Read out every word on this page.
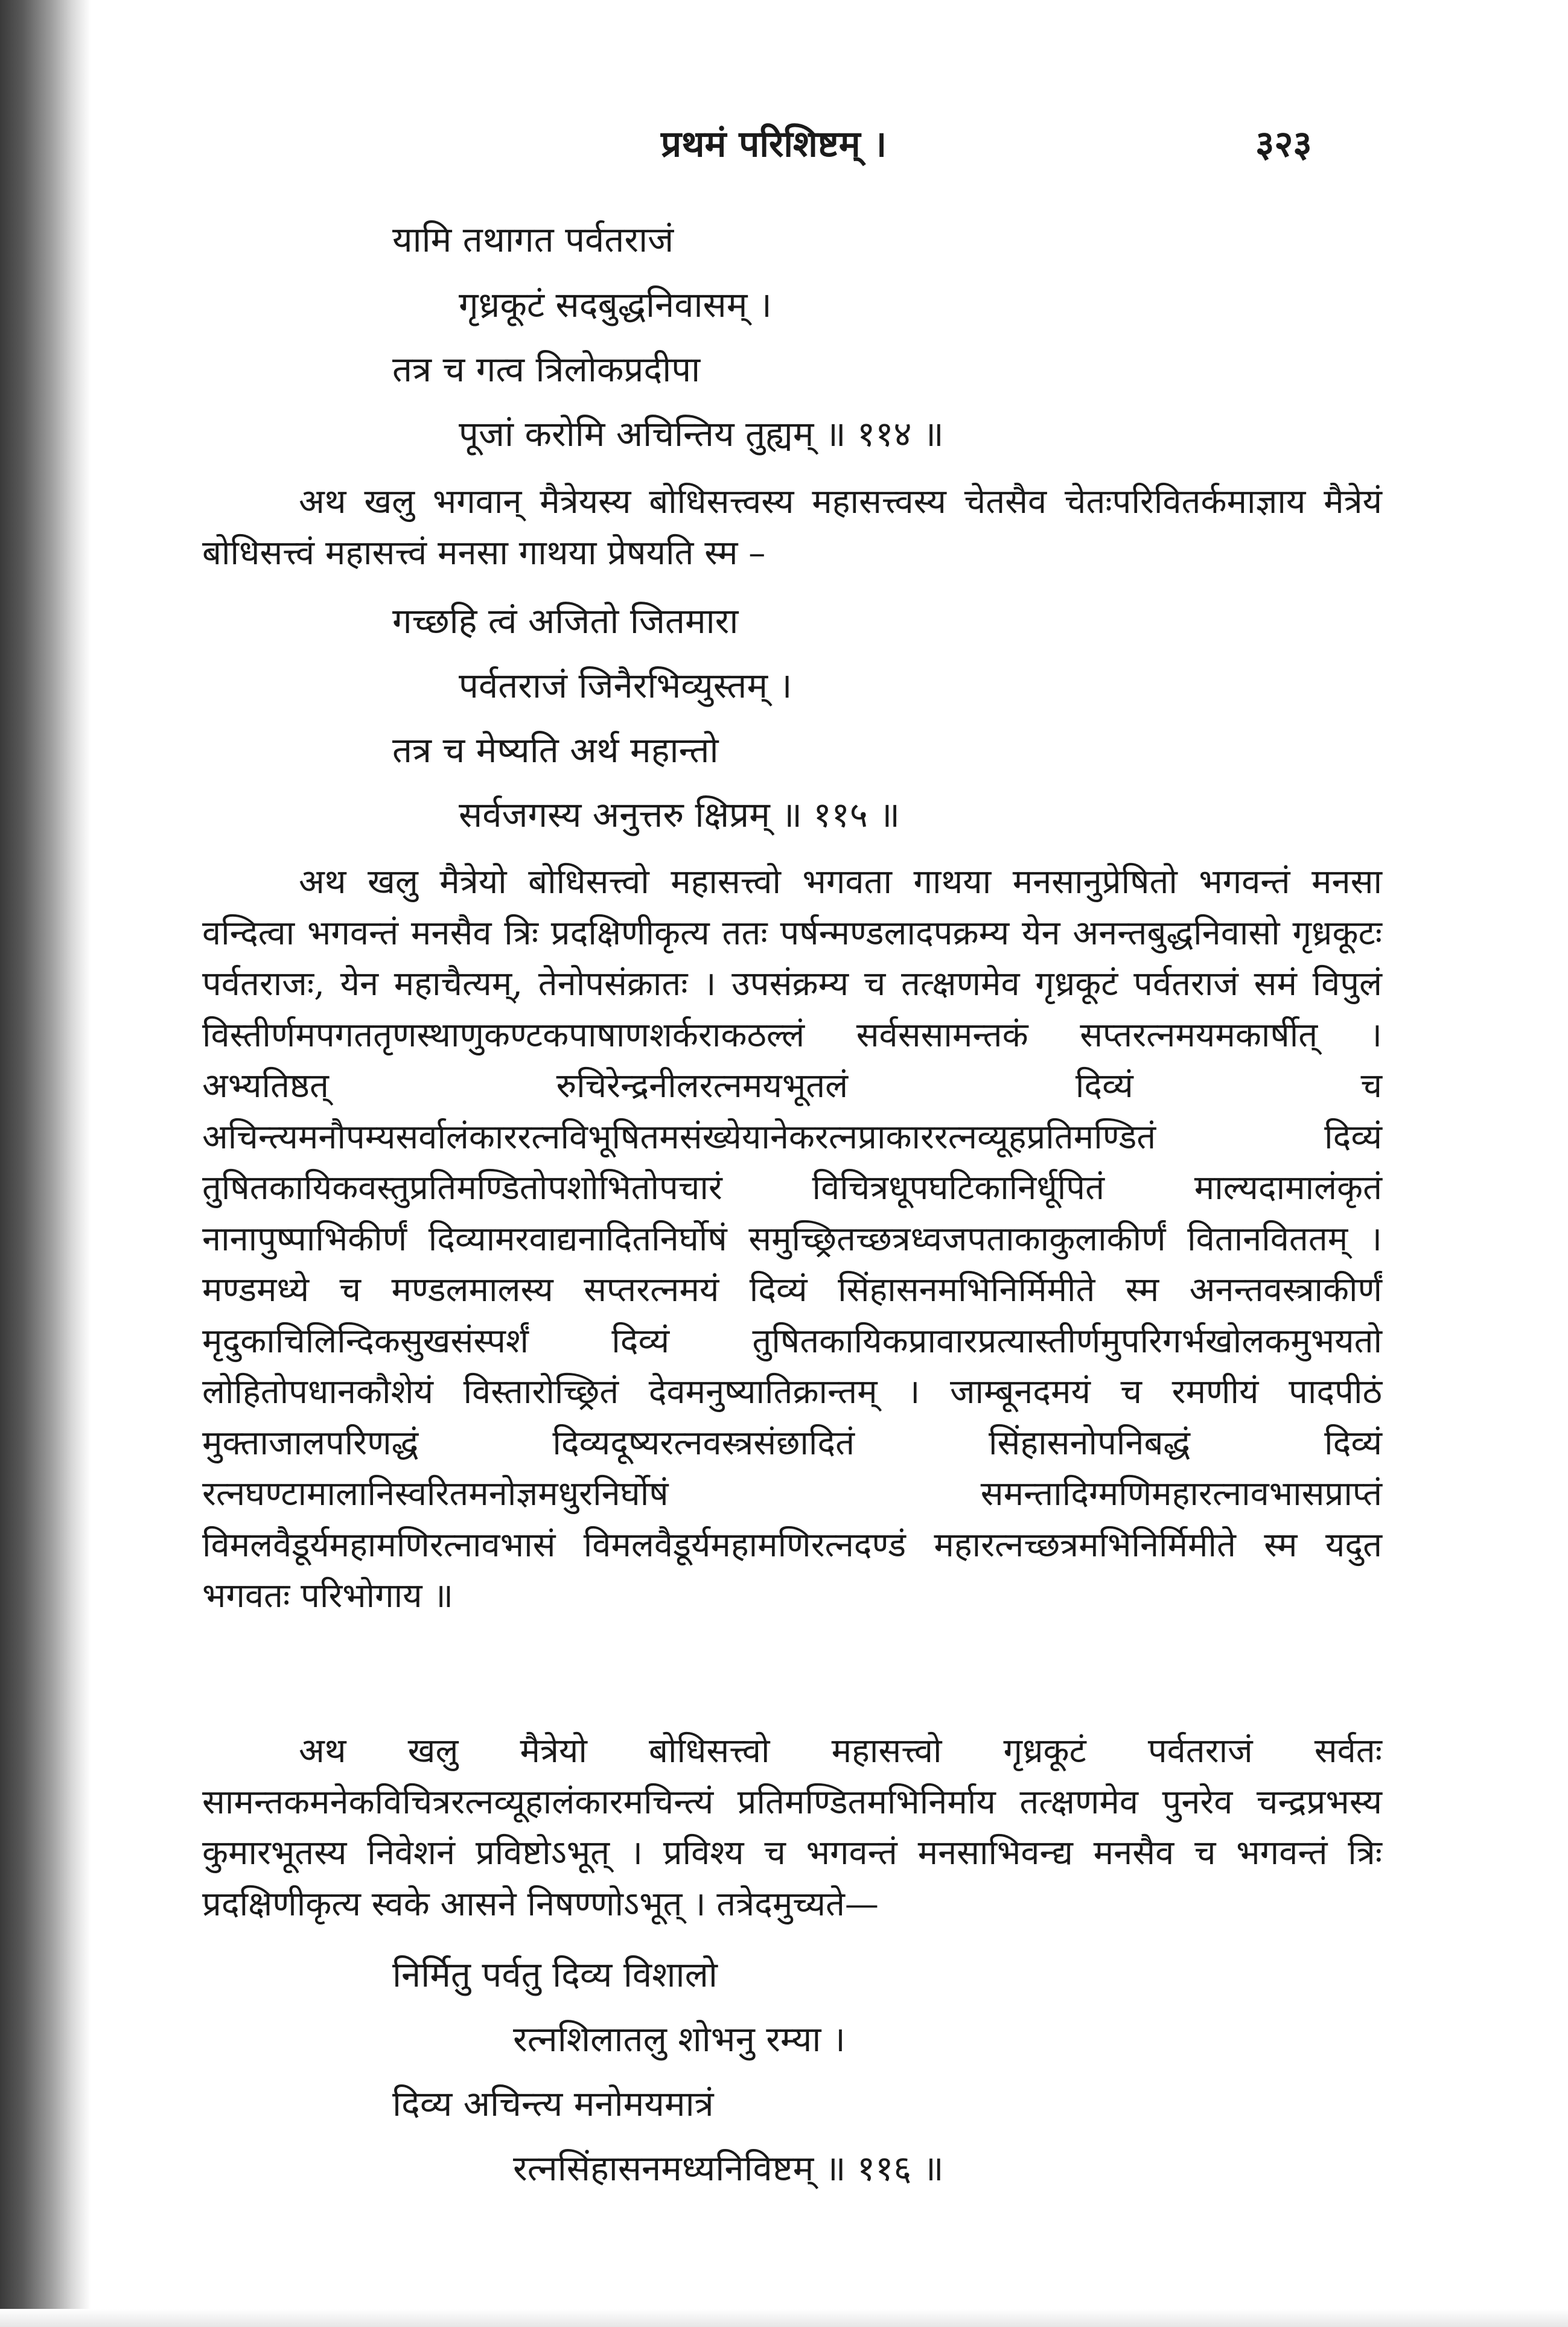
प्रथमं परिशिष्टम् ।	३२३
यामि तथागत पर्वतराजं
गृध्रकूटं सदबुद्धनिवासम् ।
तत्र च गत्व त्रिलोकप्रदीपा
पूजां करोमि अचिन्तिय तुह्यम् ॥ ११४ ॥

अथ खलु भगवान् मैत्रेयस्य बोधिसत्त्वस्य महासत्त्वस्य चेतसैव चेतःपरिवितर्कमाज्ञाय मैत्रेयं बोधिसत्त्वं महासत्त्वं मनसा गाथया प्रेषयति स्म –

गच्छहि त्वं अजितो जितमारा
पर्वतराजं जिनैरभिव्युस्तम् ।
तत्र च मेष्यति अर्थ महान्तो
सर्वजगस्य अनुत्तरु क्षिप्रम् ॥ ११५ ॥

अथ खलु मैत्रेयो बोधिसत्त्वो महासत्त्वो भगवता गाथया मनसानुप्रेषितो भगवन्तं मनसा वन्दित्वा भगवन्तं मनसैव त्रिः प्रदक्षिणीकृत्य ततः पर्षन्मण्डलादपक्रम्य येन अनन्तबुद्धनिवासो गृध्रकूटः पर्वतराजः, येन महाचैत्यम्, तेनोपसंक्रातः । उपसंक्रम्य च तत्क्षणमेव गृध्रकूटं पर्वतराजं समं विपुलं विस्तीर्णमपगततृणस्थाणुकण्टकपाषाणशर्कराकठल्लं सर्वससामन्तकं सप्तरत्नमयमकार्षीत् । अभ्यतिष्ठत् रुचिरेन्द्रनीलरत्नमयभूतलं दिव्यं च अचिन्त्यमनौपम्यसर्वालंकाररत्नविभूषितमसंख्येयानेकरत्नप्राकाररत्नव्यूहप्रतिमण्डितं दिव्यं तुषितकायिकवस्तुप्रतिमण्डितोपशोभितोपचारं विचित्रधूपघटिकानिर्धूपितं माल्यदामालंकृतं नानापुष्पाभिकीर्णं दिव्यामरवाद्यनादितनिर्घोषं समुच्छ्रितच्छत्रध्वजपताकाकुलाकीर्णं वितानविततम् । मण्डमध्ये च मण्डलमालस्य सप्तरत्नमयं दिव्यं सिंहासनमभिनिर्मिमीते स्म अनन्तवस्त्राकीर्णं मृदुकाचिलिन्दिकसुखसंस्पर्शं दिव्यं तुषितकायिकप्रावारप्रत्यास्तीर्णमुपरिगर्भखोलकमुभयतो लोहितोपधानकौशेयं विस्तारोच्छ्रितं देवमनुष्यातिक्रान्तम् । जाम्बूनदमयं च रमणीयं पादपीठं मुक्ताजालपरिणद्धं दिव्यदूष्यरत्नवस्त्रसंछादितं सिंहासनोपनिबद्धं दिव्यं रत्नघण्टामालानिस्वरितमनोज्ञमधुरनिर्घोषं समन्तादिग्मणिमहारत्नावभासप्राप्तं विमलवैडूर्यमहामणिरत्नावभासं विमलवैडूर्यमहामणिरत्नदण्डं महारत्नच्छत्रमभिनिर्मिमीते स्म यदुत भगवतः परिभोगाय ॥

अथ खलु मैत्रेयो बोधिसत्त्वो महासत्त्वो गृध्रकूटं पर्वतराजं सर्वतः सामन्तकमनेकविचित्ररत्नव्यूहालंकारमचिन्त्यं प्रतिमण्डितमभिनिर्माय तत्क्षणमेव पुनरेव चन्द्रप्रभस्य कुमारभूतस्य निवेशनं प्रविष्टोऽभूत् । प्रविश्य च भगवन्तं मनसाभिवन्द्य मनसैव च भगवन्तं त्रिः प्रदक्षिणीकृत्य स्वके आसने निषण्णोऽभूत् । तत्रेदमुच्यते—

निर्मितु पर्वतु दिव्य विशालो
रत्नशिलातलु शोभनु रम्या ।
दिव्य अचिन्त्य मनोमयमात्रं
रत्नसिंहासनमध्यनिविष्टम् ॥ ११६ ॥
